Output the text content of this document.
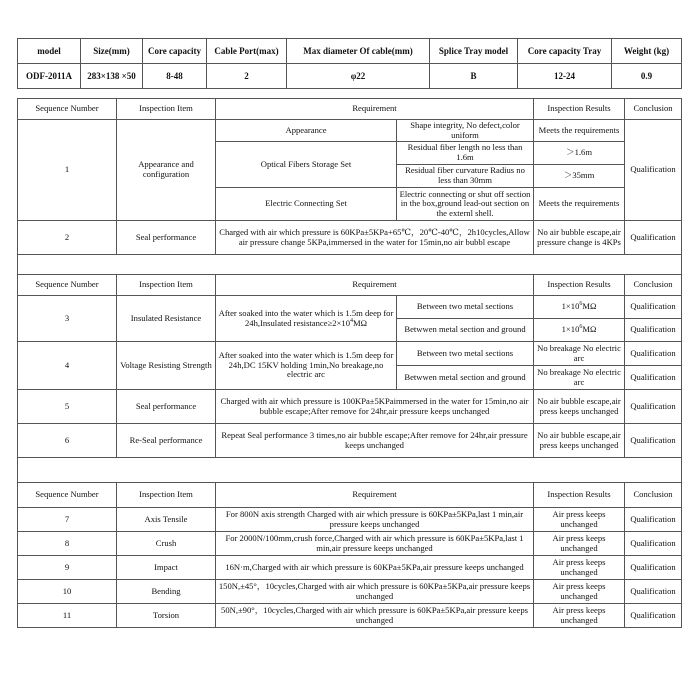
model	Size(mm)	Core capacity	Cable Port(max)	Max diameter Of cable(mm)	Splice Tray model	Core capacity Tray	Weight (kg)
ODF-2011A	283×138 ×50	8-48	2	φ22	B	12-24	0.9
Sequence Number	Inspection Item	Requirement		Inspection Results	Conclusion
1	Appearance and configuration	Appearance	Shape integrity, No defect,color uniform	Meets the requirements	Qualification
		Optical Fibers Storage Set	Residual fiber length no less than 1.6m	＞1.6m	
			Residual fiber curvature Radius no less than 30mm	＞35mm	
		Electric Connecting Set	Electric connecting or shut off section in the box,ground lead-out section on the externl shell.	Meets the requirements	
2	Seal performance	Charged with air which pressure is 60KPa±5KPa+65℃，20℃-40℃，2h10cycles,Allow air pressure change 5KPa,immersed in the water for 15min,no air bubbl escape		No air bubble escape,air pressure change is 4KPs	Qualification

Sequence Number	Inspection Item	Requirement		Inspection Results	Conclusion
3	Insulated Resistance	After soaked into the water which is 1.5m deep for 24h,Insulated $resistance\ge 2\times 10^4M\Omega$	Between two metal sections	$1\times 10^6M\Omega$	Qualification
			Betwwen metal section and ground	$1\times 10^6M\Omega$	Qualification
4	Voltage Resisting Strength	After soaked into the water which is 1.5m deep for 24h,DC 15KV holding 1min,No breakage,no electric arc	Between two metal sections	No breakage No electric arc	Qualification
			Betwwen metal section and ground	No breakage No electric arc	Qualification
5	Seal performance	Charged with air which pressure is 100KPa±5KPaimmersed in the water for 15min,no air bubble escape;After remove for 24hr,air pressure keeps unchanged		No air bubble escape,air press keeps unchanged	Qualification
6	Re-Seal performance	Repeat Seal performance 3 times,no air bubble escape;After remove for 24hr,air pressure keeps unchanged		No air bubble escape,air press keeps unchanged	Qualification

Sequence Number	Inspection Item	Requirement		Inspection Results	Conclusion
7	Axis Tensile	For 800N axis strength Charged with air which pressure is 60KPa±5KPa,last 1 min,air pressure keeps unchanged		Air press keeps unchanged	Qualification
8	Crush	For 2000N/100mm,crush force,Charged with air which pressure is 60KPa±5KPa,last 1 min,air pressure keeps unchanged		Air press keeps unchanged	Qualification
9	Impact	16N·m,Charged with air which pressure is 60KPa±5KPa,air pressure keeps unchanged		Air press keeps unchanged	Qualification
10	Bending	150N,±45°，10cycles,Charged with air which pressure is 60KPa±5KPa,air pressure keeps unchanged		Air press keeps unchanged	Qualification
11	Torsion	50N,±90°，10cycles,Charged with air which pressure is 60KPa±5KPa,air pressure keeps unchanged		Air press keeps unchanged	Qualification
